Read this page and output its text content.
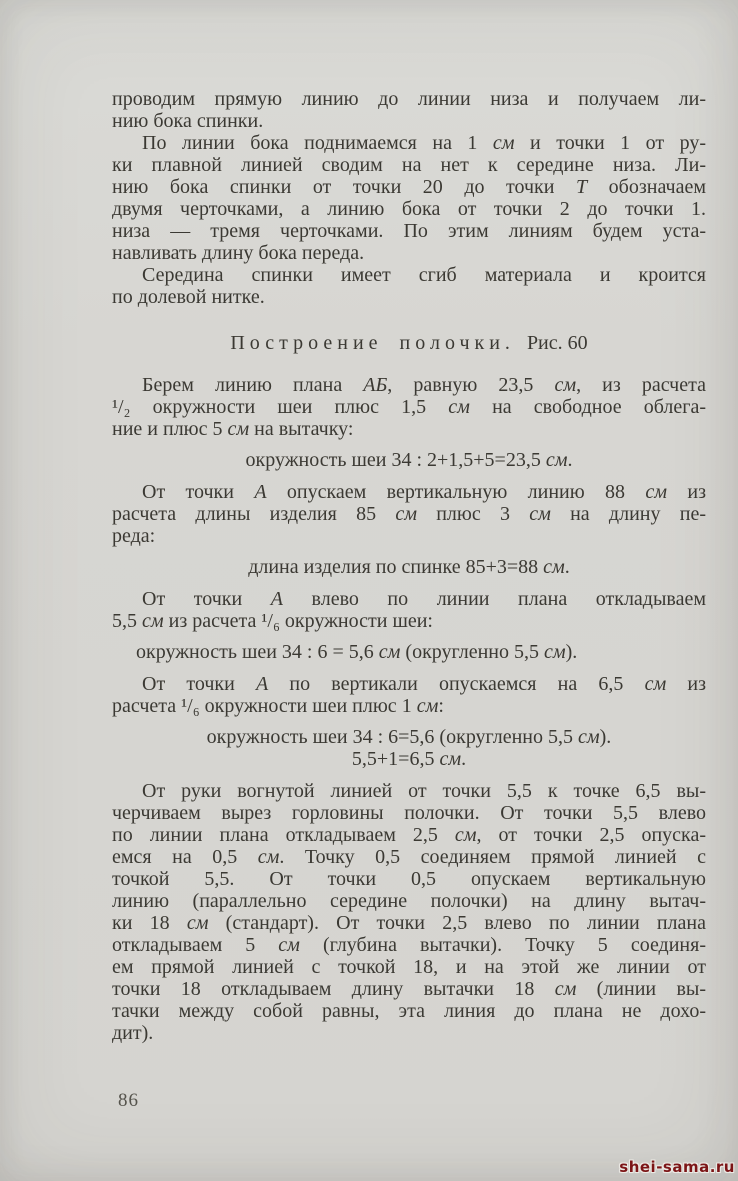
проводим прямую линию до линии низа и получаем ли-
нию бока спинки.
По линии бока поднимаемся на 1 см и точки 1 от ру-
ки плавной линией сводим на нет к середине низа. Ли-
нию бока спинки от точки 20 до точки Т обозначаем
двумя черточками, а линию бока от точки 2 до точки 1.
низа — тремя черточками. По этим линиям будем уста-
навливать длину бока переда.
Середина спинки имеет сгиб материала и кроится
по долевой нитке.
Построение полочки. Рис. 60
Берем линию плана АБ, равную 23,5 см, из расчета
¹/₂ окружности шеи плюс 1,5 см на свободное облега-
ние и плюс 5 см на вытачку:
окружность шеи 34 : 2+1,5+5=23,5 см.
От точки А опускаем вертикальную линию 88 см из
расчета длины изделия 85 см плюс 3 см на длину пе-
реда:
длина изделия по спинке 85+3=88 см.
От точки А влево по линии плана откладываем
5,5 см из расчета ¹/₆ окружности шеи:
окружность шеи 34 : 6 = 5,6 см (округленно 5,5 см).
От точки А по вертикали опускаемся на 6,5 см из
расчета ¹/₆ окружности шеи плюс 1 см:
окружность шеи 34 : 6=5,6 (округленно 5,5 см).
5,5+1=6,5 см.
От руки вогнутой линией от точки 5,5 к точке 6,5 вы-
черчиваем вырез горловины полочки. От точки 5,5 влево
по линии плана откладываем 2,5 см, от точки 2,5 опуска-
емся на 0,5 см. Точку 0,5 соединяем прямой линией с
точкой 5,5. От точки 0,5 опускаем вертикальную
линию (параллельно середине полочки) на длину вытач-
ки 18 см (стандарт). От точки 2,5 влево по линии плана
откладываем 5 см (глубина вытачки). Точку 5 соединя-
ем прямой линией с точкой 18, и на этой же линии от
точки 18 откладываем длину вытачки 18 см (линии вы-
тачки между собой равны, эта линия до плана не дохо-
дит).
86
shei-sama.ru
